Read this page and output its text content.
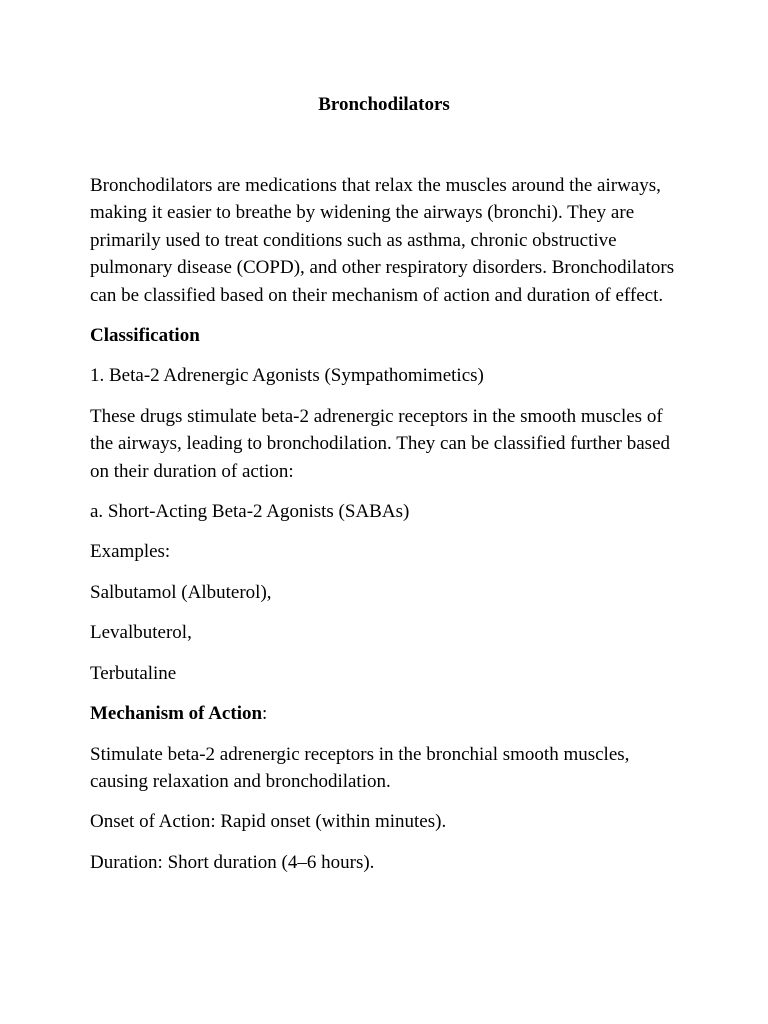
Bronchodilators

Bronchodilators are medications that relax the muscles around the airways, making it easier to breathe by widening the airways (bronchi). They are primarily used to treat conditions such as asthma, chronic obstructive pulmonary disease (COPD), and other respiratory disorders. Bronchodilators can be classified based on their mechanism of action and duration of effect.

Classification

1. Beta-2 Adrenergic Agonists (Sympathomimetics)

These drugs stimulate beta-2 adrenergic receptors in the smooth muscles of the airways, leading to bronchodilation. They can be classified further based on their duration of action:

a. Short-Acting Beta-2 Agonists (SABAs)

Examples:

Salbutamol (Albuterol),

Levalbuterol,

Terbutaline

Mechanism of Action:

Stimulate beta-2 adrenergic receptors in the bronchial smooth muscles, causing relaxation and bronchodilation.

Onset of Action: Rapid onset (within minutes).

Duration: Short duration (4–6 hours).
